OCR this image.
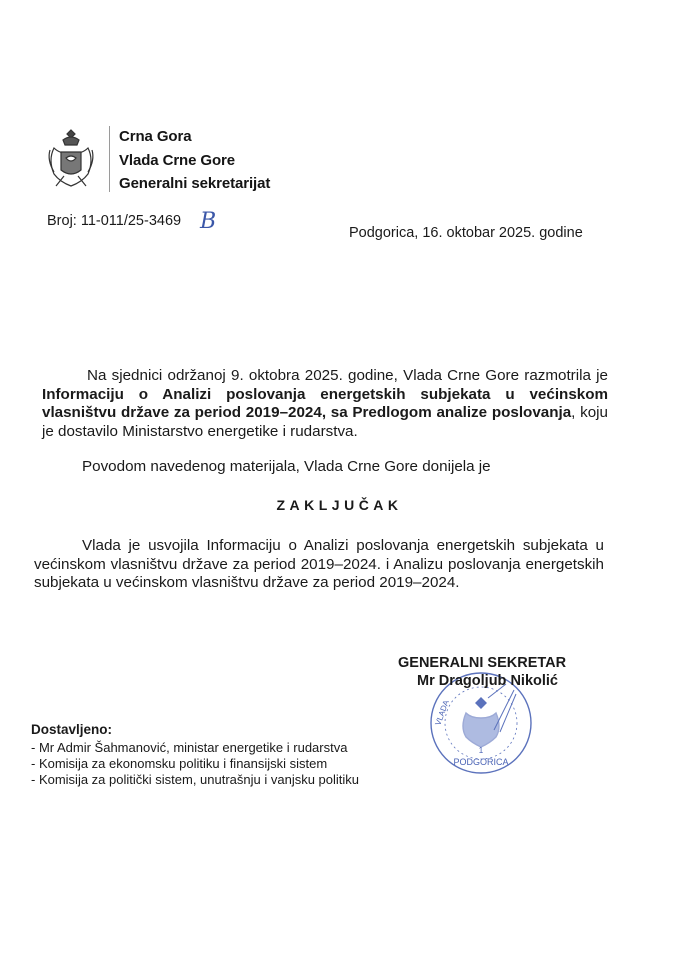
Crna Gora
Vlada Crne Gore
Generalni sekretarijat
Broj: 11-011/25-3469 B	Podgorica, 16. oktobar 2025. godine
Na sjednici održanoj 9. oktobra 2025. godine, Vlada Crne Gore razmotrila je Informaciju o Analizi poslovanja energetskih subjekata u većinskom vlasništvu države za period 2019–2024, sa Predlogom analize poslovanja, koju je dostavilo Ministarstvo energetike i rudarstva.
Povodom navedenog materijala, Vlada Crne Gore donijela je
ZAKLJUČAK
Vlada je usvojila Informaciju o Analizi poslovanja energetskih subjekata u većinskom vlasništvu države za period 2019–2024. i Analizu poslovanja energetskih subjekata u većinskom vlasništvu države za period 2019–2024.
PODGORICA
1
VLADA
GENERALNI SEKRETAR
Mr Dragoljub Nikolić
Dostavljeno:
- Mr Admir Šahmanović, ministar energetike i rudarstva
- Komisija za ekonomsku politiku i finansijski sistem
- Komisija za politički sistem, unutrašnju i vanjsku politiku
